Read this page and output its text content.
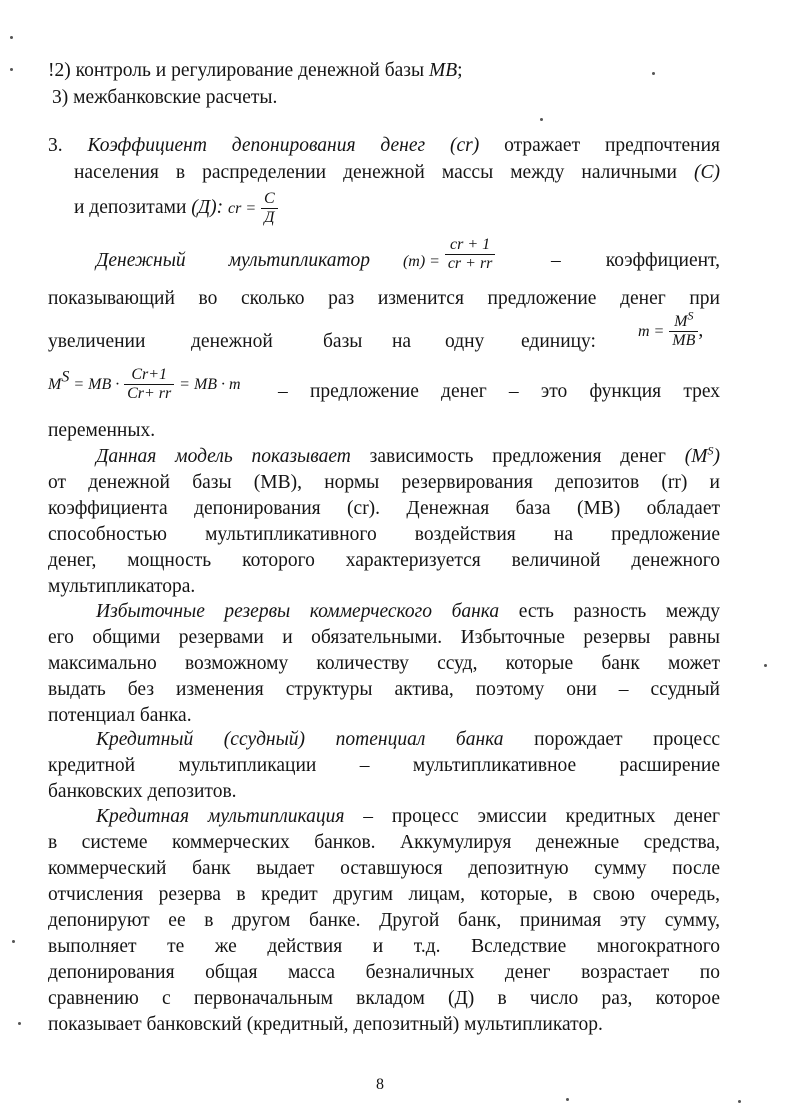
!2) контроль и регулирование денежной базы МВ;
3) межбанковские расчеты.
3. Коэффициент депонирования денег (cr) отражает предпочтения
населения в распределении денежной массы между наличными (С)
и депозитами (Д): cr = $\frac{С}{Д}$
Денежный мультипликатор $(m) = \frac{cr + 1}{cr + rr}$	– коэффициент,
показывающий во сколько раз изменится предложение денег при
увеличении денежной	базы на одну единицу:	$m = \frac{M^S}{MB}$ ,
$M^S$ = MB · $\frac{Cr+1}{Cr+ rr}$ = MB · m – предложение денег – это функция трех
переменных.
Данная модель показывает зависимость предложения денег $(М^S)$
от денежной базы (МВ), нормы резервирования депозитов (rr) и
коэффициента депонирования (cr). Денежная база (МВ) обладает
способностью мультипликативного воздействия на предложение
денег, мощность которого характеризуется величиной денежного
мультипликатора.
Избыточные резервы коммерческого банка есть разность между
его общими резервами и обязательными. Избыточные резервы равны
максимально возможному количеству ссуд, которые банк может
выдать без изменения структуры актива, поэтому они – ссудный
потенциал банка.
Кредитный (ссудный) потенциал банка порождает процесс
кредитной мультипликации – мультипликативное расширение
банковских депозитов.
Кредитная мультипликация – процесс эмиссии кредитных денег
в системе коммерческих банков. Аккумулируя денежные средства,
коммерческий банк выдает оставшуюся депозитную сумму после
отчисления резерва в кредит другим лицам, которые, в свою очередь,
депонируют ее в другом банке. Другой банк, принимая эту сумму,
выполняет те же действия и т.д. Вследствие многократного
депонирования общая масса безналичных денег возрастает по
сравнению с первоначальным вкладом (Д) в число раз, которое
показывает банковский (кредитный, депозитный) мультипликатор.
8
